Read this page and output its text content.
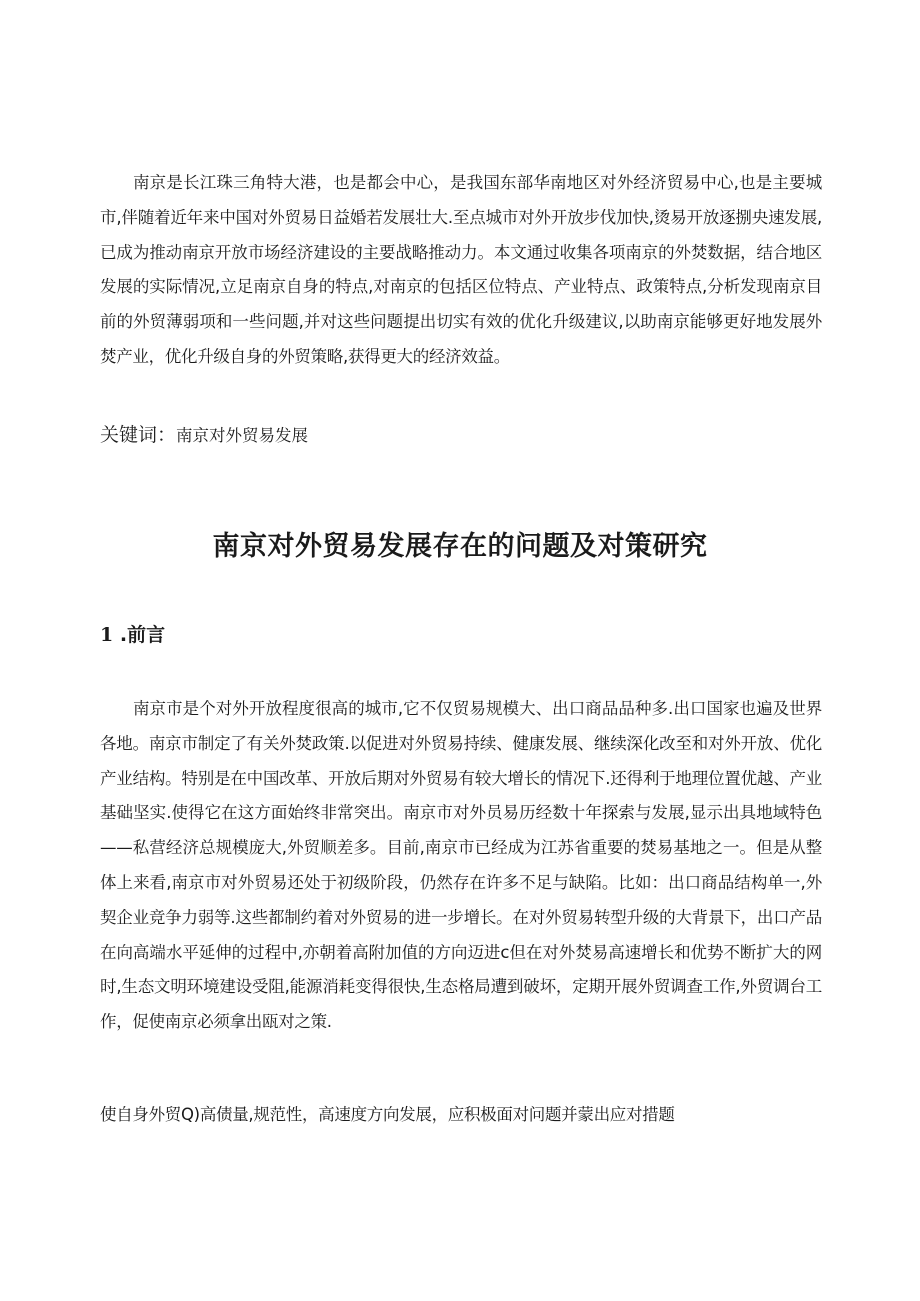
南京是长江珠三角特大港，也是都会中心，是我国东部华南地区对外经济贸易中心,也是主要城市,伴随着近年来中国对外贸易日益婚若发展壮大.至点城市对外开放步伐加快,烫易开放逐捌央速发展,已成为推动南京开放市场经济建设的主要战略推动力。本文通过收集各项南京的外焚数据，结合地区发展的实际情况,立足南京自身的特点,对南京的包括区位特点、产业特点、政策特点,分析发现南京目前的外贸薄弱项和一些问题,并对这些问题提出切实有效的优化升级建议,以助南京能够更好地发展外焚产业，优化升级自身的外贸策略,获得更大的经济效益。

关键词：南京对外贸易发展
南京对外贸易发展存在的问题及对策研究
1 .前言

南京市是个对外开放程度很高的城市,它不仅贸易规模大、出口商品品种多.出口国家也遍及世界各地。南京市制定了有关外焚政策.以促进对外贸易持续、健康发展、继续深化改至和对外开放、优化产业结构。特别是在中国改革、开放后期对外贸易有较大增长的情况下.还得利于地理位置优越、产业基础坚实.使得它在这方面始终非常突出。南京市对外员易历经数十年探索与发展,显示出具地域特色——私营经济总规模庞大,外贸顺差多。目前,南京市已经成为江苏省重要的焚易基地之一。但是从整体上来看,南京市对外贸易还处于初级阶段，仍然存在许多不足与缺陷。比如：出口商品结构单一,外契企业竞争力弱等.这些都制约着对外贸易的进一步增长。在对外贸易转型升级的大背景下，出口产品在向高端水平延伸的过程中,亦朝着高附加值的方向迈进c但在对外焚易高速增长和优势不断扩大的网时,生态文明环境建设受阻,能源消耗变得很快,生态格局遭到破坏，定期开展外贸调查工作,外贸调台工作，促使南京必须拿出瓯对之策.

使自身外贸Q)高债量,规范性，高速度方向发展，应积极面对问题并蒙出应对措题
